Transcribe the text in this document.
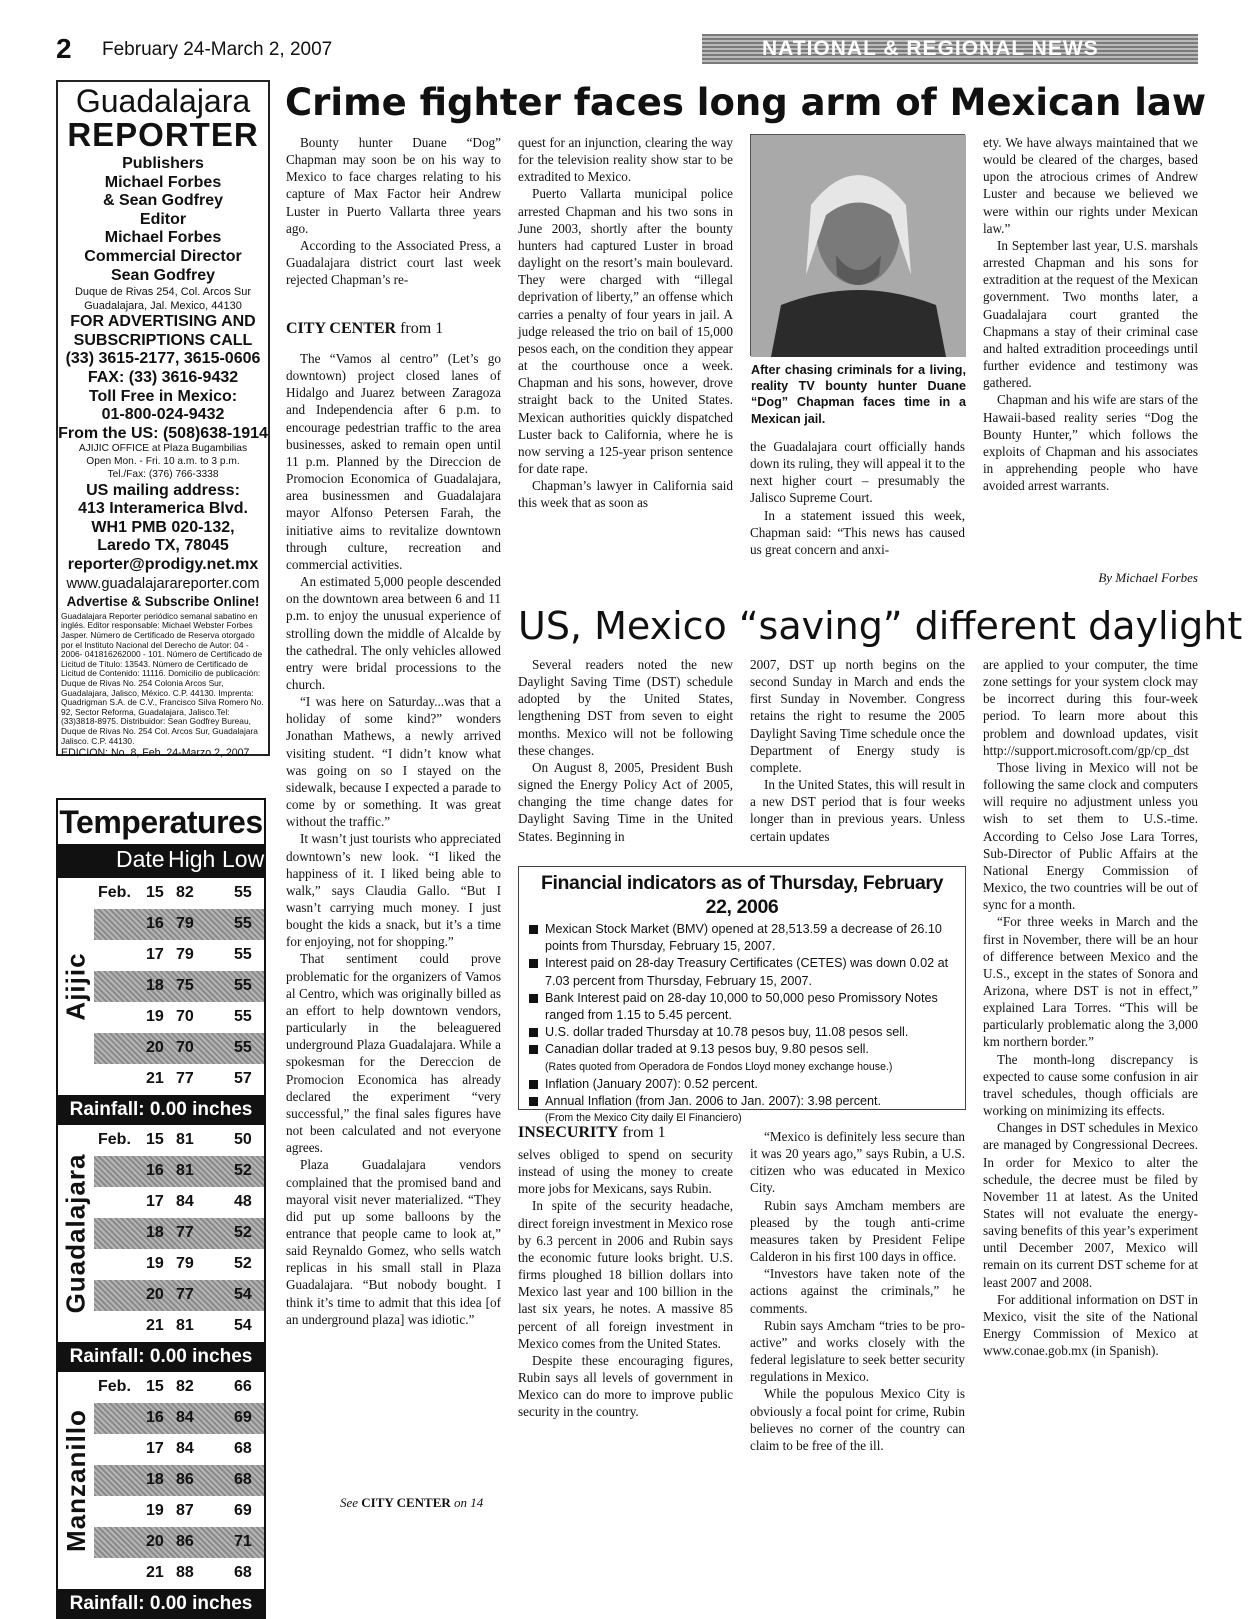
2 February 24-March 2, 2007	NATIONAL & REGIONAL NEWS
Guadalajara
REPORTER
Publishers
Michael Forbes
& Sean Godfrey
Editor
Michael Forbes
Commercial Director
Sean Godfrey
Duque de Rivas 254, Col. Arcos Sur
Guadalajara, Jal. Mexico, 44130
FOR ADVERTISING AND
SUBSCRIPTIONS CALL
(33) 3615-2177, 3615-0606
FAX: (33) 3616-9432
Toll Free in Mexico:
01-800-024-9432
From the US: (508)638-1914
AJIJIC OFFICE at Plaza Bugambilias
Open Mon. - Fri. 10 a.m. to 3 p.m.
Tel./Fax: (376) 766-3338
US mailing address:
413 Interamerica Blvd.
WH1 PMB 020-132,
Laredo TX, 78045
reporter@prodigy.net.mx
www.guadalajarareporter.com
Advertise & Subscribe Online!
Guadalajara Reporter periódico semanal sabatino en inglés. Editor responsable: Michael Webster Forbes Jasper. Número de Certificado de Reserva otorgado por el Instituto Nacional del Derecho de Autor: 04 - 2006- 041816262000 - 101. Número de Certificado de Licitud de Título: 13543. Número de Certificado de Licitud de Contenido: 11116. Domicilio de publicación: Duque de Rivas No. 254 Colonia Arcos Sur, Guadalajara, Jalisco, México. C.P. 44130. Imprenta: Quadrigman S.A. de C.V., Francisco Silva Romero No. 92, Sector Reforma, Guadalajara, Jalisco.Tel: (33)3818-8975. Distribuidor: Sean Godfrey Bureau, Duque de Rivas No. 254 Col. Arcos Sur, Guadalajara Jalisco. C.P. 44130.
EDICION: No. 8, Feb. 24-Marzo 2, 2007
Temperatures
Date High Low
Ajijic
Feb. 15 82	55
16 79	55
17 79	55
18 75	55
19 70	55
20 70	55
21 77	57
Rainfall: 0.00 inches
Guadalajara
Feb. 15 81	50
16 81	52
17 84	48
18 77	52
19 79	52
20 77	54
21 81	54
Rainfall: 0.00 inches
Manzanillo
Feb. 15 82	66
16 84	69
17 84	68
18 86	68
19 87	69
20 86	71
21 88	68
Rainfall: 0.00 inches
Crime fighter faces long arm of Mexican law

Bounty hunter Duane “Dog” Chapman may soon be on his way to Mexico to face charges relating to his capture of Max Factor heir Andrew Luster in Puerto Vallarta three years ago.

According to the Associated Press, a Guadalajara district court last week rejected Chapman’s re-

CITY CENTER from 1

The “Vamos al centro” (Let’s go downtown) project closed lanes of Hidalgo and Juarez between Zaragoza and Independencia after 6 p.m. to encourage pedestrian traffic to the area businesses, asked to remain open until 11 p.m. Planned by the Direccion de Promocion Economica of Guadalajara, area businessmen and Guadalajara mayor Alfonso Petersen Farah, the initiative aims to revitalize downtown through culture, recreation and commercial activities.

An estimated 5,000 people descended on the downtown area between 6 and 11 p.m. to enjoy the unusual experience of strolling down the middle of Alcalde by the cathedral. The only vehicles allowed entry were bridal processions to the church.

“I was here on Saturday...was that a holiday of some kind?” wonders Jonathan Mathews, a newly arrived visiting student. “I didn’t know what was going on so I stayed on the sidewalk, because I expected a parade to come by or something. It was great without the traffic.”

It wasn’t just tourists who appreciated downtown’s new look. “I liked the happiness of it. I liked being able to walk,” says Claudia Gallo. “But I wasn’t carrying much money. I just bought the kids a snack, but it’s a time for enjoying, not for shopping.”

That sentiment could prove problematic for the organizers of Vamos al Centro, which was originally billed as an effort to help downtown vendors, particularly in the beleaguered underground Plaza Guadalajara. While a spokesman for the Dereccion de Promocion Economica has already declared the experiment “very successful,” the final sales figures have not been calculated and not everyone agrees.

Plaza Guadalajara vendors complained that the promised band and mayoral visit never materialized. “They did put up some balloons by the entrance that people came to look at,” said Reynaldo Gomez, who sells watch replicas in his small stall in Plaza Guadalajara. “But nobody bought. I think it’s time to admit that this idea [of an underground plaza] was idiotic.”

See CITY CENTER on 14

quest for an injunction, clearing the way for the television reality show star to be extradited to Mexico.

Puerto Vallarta municipal police arrested Chapman and his two sons in June 2003, shortly after the bounty hunters had captured Luster in broad daylight on the resort’s main boulevard. They were charged with “illegal deprivation of liberty,” an offense which carries a penalty of four years in jail. A judge released the trio on bail of 15,000 pesos each, on the condition they appear at the courthouse once a week. Chapman and his sons, however, drove straight back to the United States. Mexican authorities quickly dispatched Luster back to California, where he is now serving a 125-year prison sentence for date rape.

Chapman’s lawyer in California said this week that as soon as

After chasing criminals for a living, reality TV bounty hunter Duane “Dog” Chapman faces time in a Mexican jail.

the Guadalajara court officially hands down its ruling, they will appeal it to the next higher court – presumably the Jalisco Supreme Court.

In a statement issued this week, Chapman said: “This news has caused us great concern and anxi-

ety. We have always maintained that we would be cleared of the charges, based upon the atrocious crimes of Andrew Luster and because we believed we were within our rights under Mexican law.”

In September last year, U.S. marshals arrested Chapman and his sons for extradition at the request of the Mexican government. Two months later, a Guadalajara court granted the Chapmans a stay of their criminal case and halted extradition proceedings until further evidence and testimony was gathered.

Chapman and his wife are stars of the Hawaii-based reality series “Dog the Bounty Hunter,” which follows the exploits of Chapman and his associates in apprehending people who have avoided arrest warrants.

By Michael Forbes
US, Mexico “saving” different daylight

Several readers noted the new Daylight Saving Time (DST) schedule adopted by the United States, lengthening DST from seven to eight months. Mexico will not be following these changes.

On August 8, 2005, President Bush signed the Energy Policy Act of 2005, changing the time change dates for Daylight Saving Time in the United States. Beginning in

2007, DST up north begins on the second Sunday in March and ends the first Sunday in November. Congress retains the right to resume the 2005 Daylight Saving Time schedule once the Department of Energy study is complete.

In the United States, this will result in a new DST period that is four weeks longer than in previous years. Unless certain updates

are applied to your computer, the time zone settings for your system clock may be incorrect during this four-week period. To learn more about this problem and download updates, visit http://support.microsoft.com/gp/cp_dst

Those living in Mexico will not be following the same clock and computers will require no adjustment unless you wish to set them to U.S.-time. According to Celso Jose Lara Torres, Sub-Director of Public Affairs at the National Energy Commission of Mexico, the two countries will be out of sync for a month.

“For three weeks in March and the first in November, there will be an hour of difference between Mexico and the U.S., except in the states of Sonora and Arizona, where DST is not in effect,” explained Lara Torres. “This will be particularly problematic along the 3,000 km northern border.”

The month-long discrepancy is expected to cause some confusion in air travel schedules, though officials are working on minimizing its effects.

Changes in DST schedules in Mexico are managed by Congressional Decrees. In order for Mexico to alter the schedule, the decree must be filed by November 11 at latest. As the United States will not evaluate the energy-saving benefits of this year’s experiment until December 2007, Mexico will remain on its current DST scheme for at least 2007 and 2008.

For additional information on DST in Mexico, visit the site of the National Energy Commission of Mexico at www.conae.gob.mx (in Spanish).

Financial indicators as of Thursday, February 22, 2006
Mexican Stock Market (BMV) opened at 28,513.59 a decrease of 26.10 points from Thursday, February 15, 2007.
Interest paid on 28-day Treasury Certificates (CETES) was down 0.02 at 7.03 percent from Thursday, February 15, 2007.
Bank Interest paid on 28-day 10,000 to 50,000 peso Promissory Notes ranged from 1.15 to 5.45 percent.
U.S. dollar traded Thursday at 10.78 pesos buy, 11.08 pesos sell.
Canadian dollar traded at 9.13 pesos buy, 9.80 pesos sell.
(Rates quoted from Operadora de Fondos Lloyd money exchange house.)
Inflation (January 2007): 0.52 percent.
Annual Inflation (from Jan. 2006 to Jan. 2007): 3.98 percent.
(From the Mexico City daily El Financiero)
INSECURITY from 1

selves obliged to spend on security instead of using the money to create more jobs for Mexicans, says Rubin.

In spite of the security headache, direct foreign investment in Mexico rose by 6.3 percent in 2006 and Rubin says the economic future looks bright. U.S. firms ploughed 18 billion dollars into Mexico last year and 100 billion in the last six years, he notes. A massive 85 percent of all foreign investment in Mexico comes from the United States.

Despite these encouraging figures, Rubin says all levels of government in Mexico can do more to improve public security in the country.

“Mexico is definitely less secure than it was 20 years ago,” says Rubin, a U.S. citizen who was educated in Mexico City.

Rubin says Amcham members are pleased by the tough anti-crime measures taken by President Felipe Calderon in his first 100 days in office.

“Investors have taken note of the actions against the criminals,” he comments.

Rubin says Amcham “tries to be pro-active” and works closely with the federal legislature to seek better security regulations in Mexico.

While the populous Mexico City is obviously a focal point for crime, Rubin believes no corner of the country can claim to be free of the ill.
